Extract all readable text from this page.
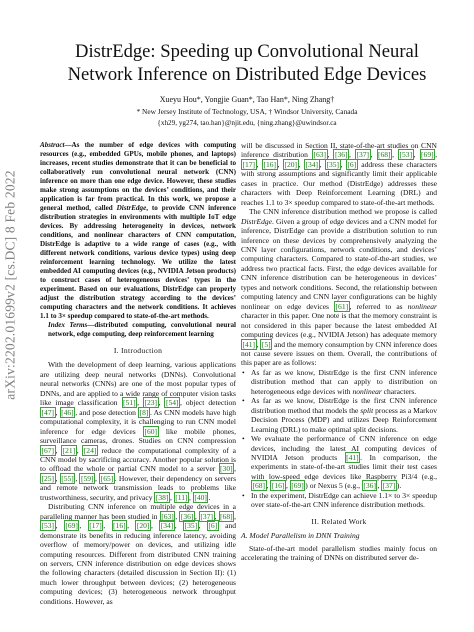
arXiv:2202.01699v2 [cs.DC] 8 Feb 2022
DistrEdge: Speeding up Convolutional Neural
Network Inference on Distributed Edge Devices
Xueyu Hou*, Yongjie Guan*, Tao Han*, Ning Zhang†
* New Jersey Institute of Technology, USA, † Windsor University, Canada
{xh29, yg274, tao.han}@njit.edu, {ning.zhang}@uwindsor.ca

Abstract—As the number of edge devices with computing resources (e.g., embedded GPUs, mobile phones, and laptops) increases, recent studies demonstrate that it can be beneficial to collaboratively run convolutional neural network (CNN) inference on more than one edge device. However, these studies make strong assumptions on the devices’ conditions, and their application is far from practical. In this work, we propose a general method, called DistrEdge, to provide CNN inference distribution strategies in environments with multiple IoT edge devices. By addressing heterogeneity in devices, network conditions, and nonlinear characters of CNN computation, DistrEdge is adaptive to a wide range of cases (e.g., with different network conditions, various device types) using deep reinforcement learning technology. We utilize the latest embedded AI computing devices (e.g., NVIDIA Jetson products) to construct cases of heterogeneous devices’ types in the experiment. Based on our evaluations, DistrEdge can properly adjust the distribution strategy according to the devices’ computing characters and the network conditions. It achieves 1.1 to 3× speedup compared to state-of-the-art methods.

Index Terms—distributed computing, convolutional neural network, edge computing, deep reinforcement learning

I. Introduction

With the development of deep learning, various applications are utilizing deep neural networks (DNNs). Convolutional neural networks (CNNs) are one of the most popular types of DNNs, and are applied to a wide range of computer vision tasks like image classification [51] , [23] , [54] , object detection [47] , [46] , and pose detection [8] . As CNN models have high computational complexity, it is challenging to run CNN model inference for edge devices [60] like mobile phones, surveillance cameras, drones. Studies on CNN compression [67] , [21] , [24] reduce the computational complexity of a CNN model by sacrificing accuracy. Another popular solution is to offload the whole or partial CNN model to a server [30] , [25] , [55] , [59] , [65] . However, their dependency on servers and remote network transmission leads to problems like trustworthiness, security, and privacy [38] , [11] , [40] .

Distributing CNN inference on multiple edge devices in a paralleling manner has been studied in [63] , [36] , [37] , [68] , [53] , [69] , [17] , [16] , [20] , [34] , [35] , [6] and demonstrate its benefits in reducing inference latency, avoiding overflow of memory/power on devices, and utilizing idle computing resources. Different from distributed CNN training on servers, CNN inference distribution on edge devices shows the following characters (detailed discussion in Section II): (1) much lower throughput between devices; (2) heterogeneous computing devices; (3) heterogeneous network throughput conditions. However, as

will be discussed in Section II, state-of-the-art studies on CNN inference distribution [63] , [36] , [37] , [68] , [53] , [69] , [17] , [16] , [20] , [34] , [35] , [6] address these characters with strong assumptions and significantly limit their applicable cases in practice. Our method (DistrEdge) addresses these characters with Deep Reinforcement Learning (DRL) and reaches 1.1 to 3× speedup compared to state-of-the-art methods.

The CNN inference distribution method we propose is called DistrEdge. Given a group of edge devices and a CNN model for inference, DistrEdge can provide a distribution solution to run inference on these devices by comprehensively analyzing the CNN layer configurations, network conditions, and devices’ computing characters. Compared to state-of-the-art studies, we address two practical facts. First, the edge devices available for CNN inference distribution can be heterogeneous in devices’ types and network conditions. Second, the relationship between computing latency and CNN layer configurations can be highly nonlinear on edge devices [61] , referred to as nonlinear character in this paper. One note is that the memory constraint is not considered in this paper because the latest embedded AI computing devices (e.g., NVIDIA Jetson) has adequate memory [41] , [5] and the memory consumption by CNN inference does not cause severe issues on them. Overall, the contributions of this paper are as follows:

• As far as we know, DistrEdge is the first CNN inference distribution method that can apply to distribution on heterogeneous edge devices with nonlinear characters.
• As far as we know, DistrEdge is the first CNN inference distribution method that models the split process as a Markov Decision Process (MDP) and utilizes Deep Reinforcement Learning (DRL) to make optimal split decisions.
• We evaluate the performance of CNN inference on edge devices, including the latest AI computing devices of NVIDIA Jetson products [41] . In comparison, the experiments in state-of-the-art studies limit their test cases with low-speed edge devices like Raspberry Pi3/4 (e.g., [68] , [16] , [69] ) or Nexus 5 (e.g., [36] , [37] ).
• In the experiment, DistrEdge can achieve 1.1× to 3× speedup over state-of-the-art CNN inference distribution methods.
II. Related Work
A. Model Parallelism in DNN Training

State-of-the-art model parallelism studies mainly focus on accelerating the training of DNNs on distributed server de-
